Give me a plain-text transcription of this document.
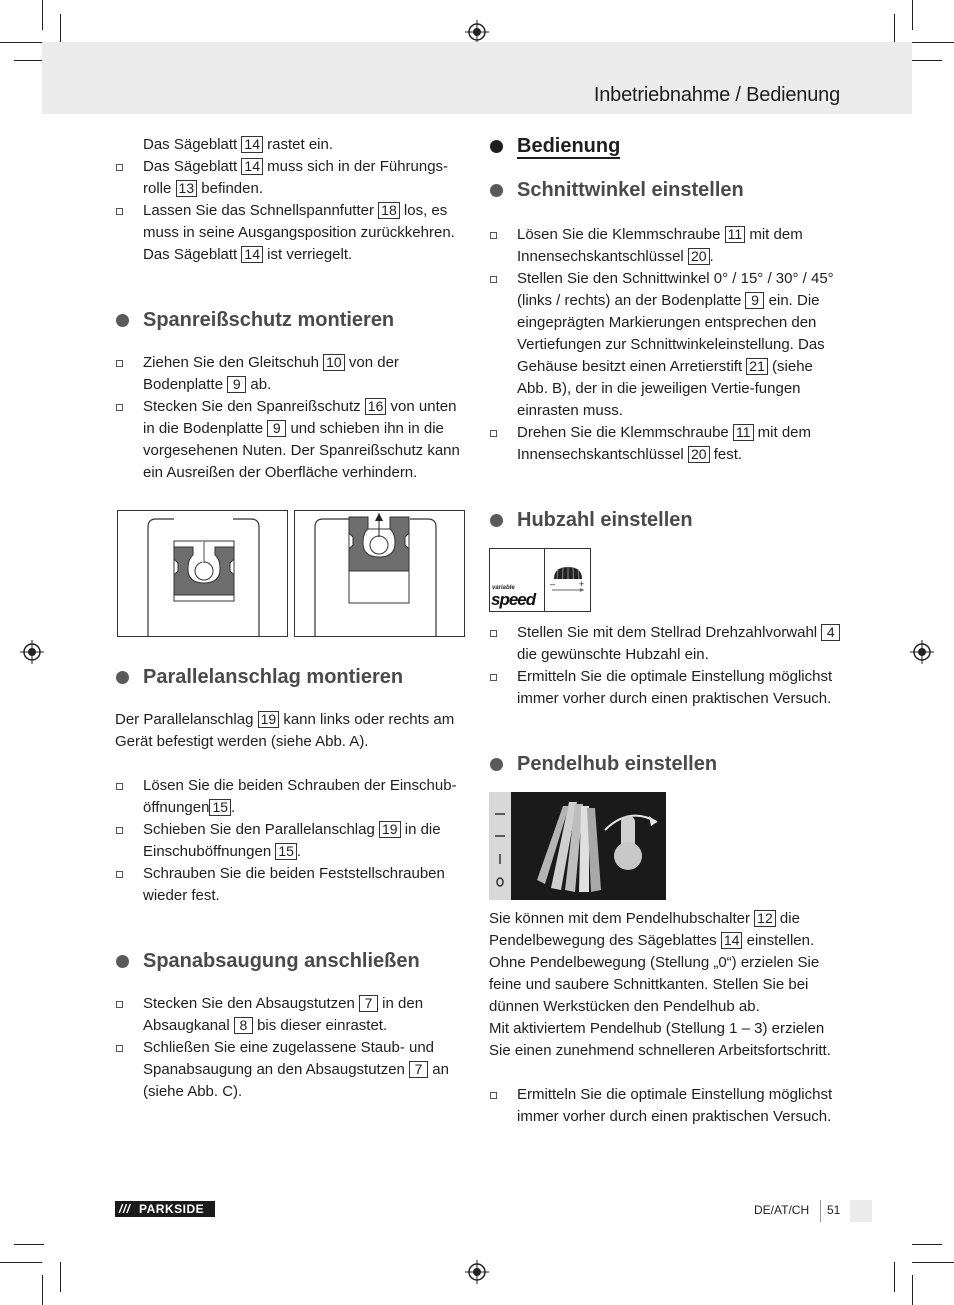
Inbetriebnahme / Bedienung

Das Sägeblatt 14 rastet ein.

Das Sägeblatt 14 muss sich in der Führungs-rolle 13 befinden.
Lassen Sie das Schnellspannfutter 18 los, es muss in seine Ausgangsposition zurückkehren. Das Sägeblatt 14 ist verriegelt.
Spanreißschutz montieren
Ziehen Sie den Gleitschuh 10 von der Bodenplatte 9 ab.
Stecken Sie den Spanreißschutz 16 von unten in die Bodenplatte 9 und schieben ihn in die vorgesehenen Nuten. Der Spanreißschutz kann ein Ausreißen der Oberfläche verhindern.
Parallelanschlag montieren

Der Parallelanschlag 19 kann links oder rechts am Gerät befestigt werden (siehe Abb. A).

Lösen Sie die beiden Schrauben der Einschub-öffnungen 15 .
Schieben Sie den Parallelanschlag 19 in die Einschuböffnungen 15 .
Schrauben Sie die beiden Feststellschrauben wieder fest.
Spanabsaugung anschließen
Stecken Sie den Absaugstutzen 7 in den Absaugkanal 8 bis dieser einrastet.
Schließen Sie eine zugelassene Staub- und Spanabsaugung an den Absaugstutzen 7 an (siehe Abb. C).
Bedienung
Schnittwinkel einstellen
Lösen Sie die Klemmschraube 11 mit dem Innensechskantschlüssel 20 .
Stellen Sie den Schnittwinkel 0° / 15° / 30° / 45° (links / rechts) an der Bodenplatte 9 ein. Die eingeprägten Markierungen entsprechen den Vertiefungen zur Schnittwinkeleinstellung. Das Gehäuse besitzt einen Arretierstift 21 (siehe Abb. B), der in die jeweiligen Vertie-fungen einrasten muss.
Drehen Sie die Klemmschraube 11 mit dem Innensechskantschlüssel 20 fest.
Hubzahl einstellen
variable
speed
–	+
Stellen Sie mit dem Stellrad Drehzahlvorwahl 4 die gewünschte Hubzahl ein.
Ermitteln Sie die optimale Einstellung möglichst immer vorher durch einen praktischen Versuch.
Pendelhub einstellen

Sie können mit dem Pendelhubschalter 12 die Pendelbewegung des Sägeblattes 14 einstellen. Ohne Pendelbewegung (Stellung „0“) erzielen Sie feine und saubere Schnittkanten. Stellen Sie bei dünnen Werkstücken den Pendelhub ab.

Mit aktiviertem Pendelhub (Stellung 1 – 3) erzielen Sie einen zunehmend schnelleren Arbeitsfortschritt.

Ermitteln Sie die optimale Einstellung möglichst immer vorher durch einen praktischen Versuch.
/// PARKSIDE	DE/AT/CH 51
